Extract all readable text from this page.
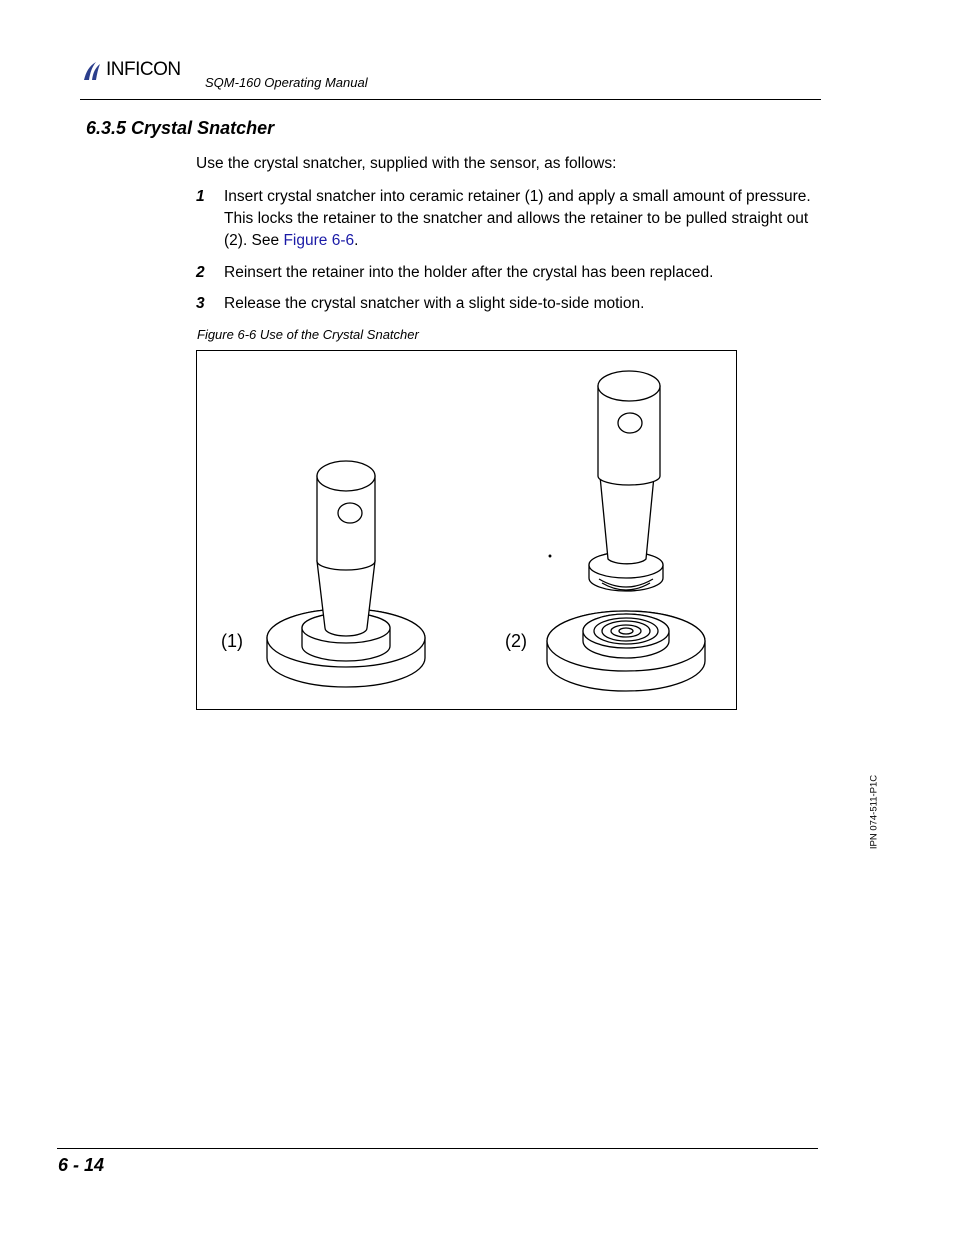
INFICON
SQM-160 Operating Manual
6.3.5 Crystal Snatcher
Use the crystal snatcher, supplied with the sensor, as follows:
1 Insert crystal snatcher into ceramic retainer (1) and apply a small amount of pressure. This locks the retainer to the snatcher and allows the retainer to be pulled straight out (2). See Figure 6-6.
2 Reinsert the retainer into the holder after the crystal has been replaced.
3 Release the crystal snatcher with a slight side-to-side motion.
Figure 6-6 Use of the Crystal Snatcher
(1)	(2)
IPN 074-511-P1C
6 - 14
